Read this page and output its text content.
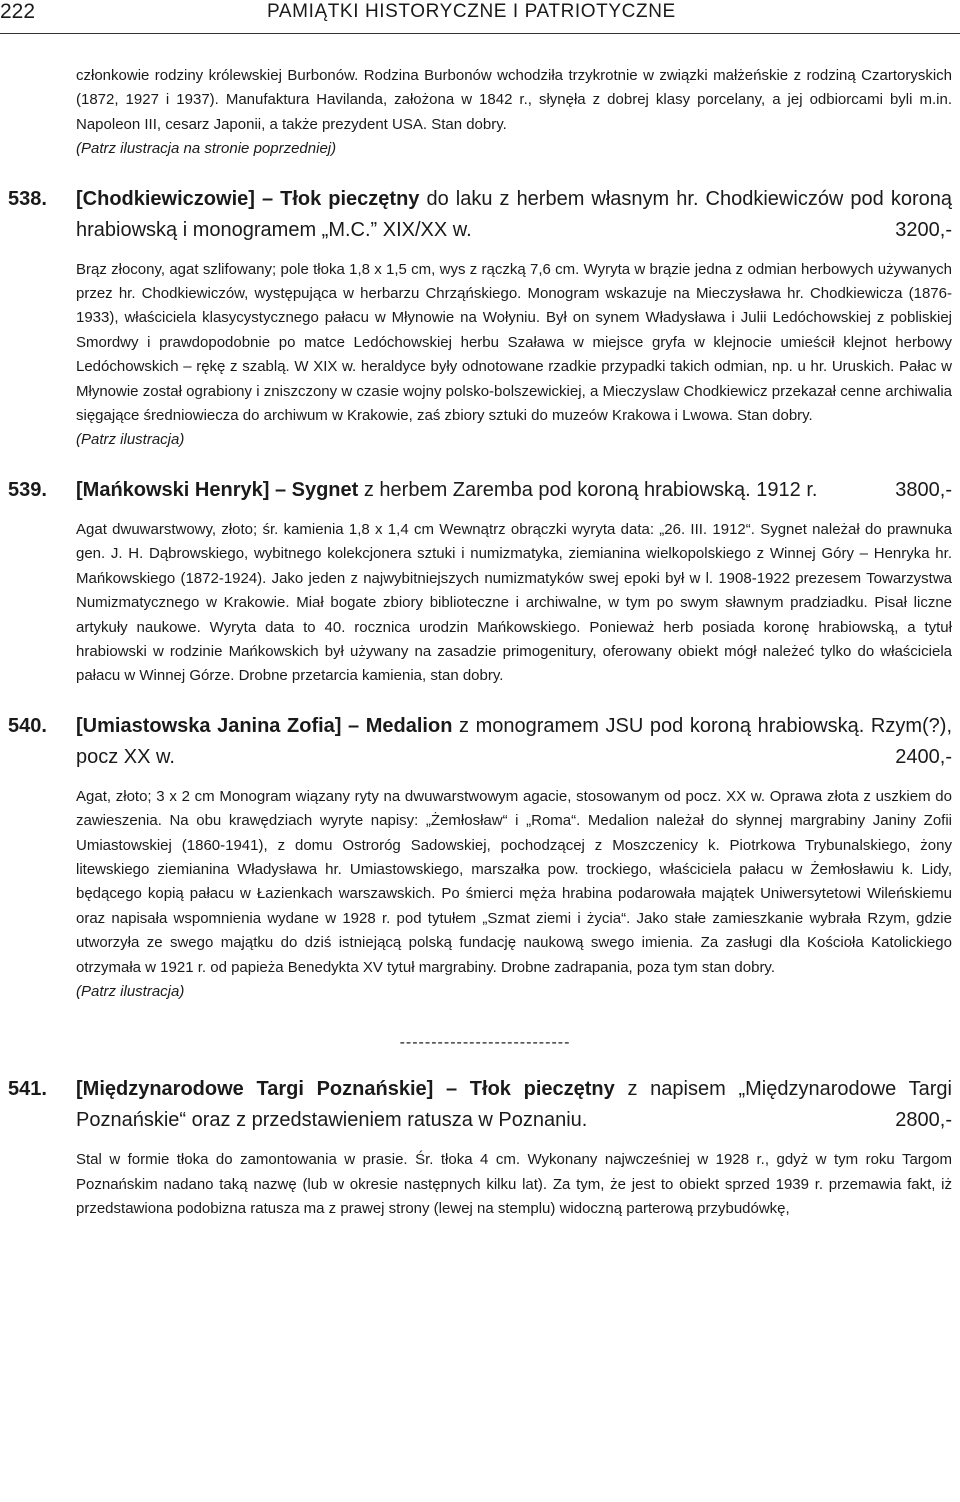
222	PAMIĄTKI HISTORYCZNE I PATRIOTYCZNE

członkowie rodziny królewskiej Burbonów. Rodzina Burbonów wchodziła trzykrotnie w związki małżeńskie z rodziną Czartoryskich (1872, 1927 i 1937). Manufaktura Havilanda, założona w 1842 r., słynęła z dobrej klasy porcelany, a jej odbiorcami byli m.in. Napoleon III, cesarz Japonii, a także prezydent USA. Stan dobry.
(Patrz ilustracja na stronie poprzedniej)

538. [Chodkiewiczowie] – Tłok pieczętny do laku z herbem własnym hr. Chodkiewiczów pod koroną hrabiowską i monogramem „M.C.” XIX/XX w.	3200,-

Brąz złocony, agat szlifowany; pole tłoka 1,8 x 1,5 cm, wys z rączką 7,6 cm. Wyryta w brązie jedna z odmian herbowych używanych przez hr. Chodkiewiczów, występująca w herbarzu Chrząńskiego. Monogram wskazuje na Mieczysława hr. Chodkiewicza (1876-1933), właściciela klasycystycznego pałacu w Młynowie na Wołyniu. Był on synem Władysława i Julii Ledóchowskiej z pobliskiej Smordwy i prawdopodobnie po matce Ledóchowskiej herbu Szaława w miejsce gryfa w klejnocie umieścił klejnot herbowy Ledóchowskich – rękę z szablą. W XIX w. heraldyce były odnotowane rzadkie przypadki takich odmian, np. u hr. Uruskich. Pałac w Młynowie został ograbiony i zniszczony w czasie wojny polsko-bolszewickiej, a Mieczyslaw Chodkiewicz przekazał cenne archiwalia sięgające średniowiecza do archiwum w Krakowie, zaś zbiory sztuki do muzeów Krakowa i Lwowa. Stan dobry.
(Patrz ilustracja)

539. [Mańkowski Henryk] – Sygnet z herbem Zaremba pod koroną hrabiowską. 1912 r.	3800,-

Agat dwuwarstwowy, złoto; śr. kamienia 1,8 x 1,4 cm Wewnątrz obrączki wyryta data: „26. III. 1912“. Sygnet należał do prawnuka gen. J. H. Dąbrowskiego, wybitnego kolekcjonera sztuki i numizmatyka, ziemianina wielkopolskiego z Winnej Góry – Henryka hr. Mańkowskiego (1872-1924). Jako jeden z najwybitniejszych numizmatyków swej epoki był w l. 1908-1922 prezesem Towarzystwa Numizmatycznego w Krakowie. Miał bogate zbiory biblioteczne i archiwalne, w tym po swym sławnym pradziadku. Pisał liczne artykuły naukowe. Wyryta data to 40. rocznica urodzin Mańkowskiego. Ponieważ herb posiada koronę hrabiowską, a tytuł hrabiowski w rodzinie Mańkowskich był używany na zasadzie primogenitury, oferowany obiekt mógł należeć tylko do właściciela pałacu w Winnej Górze. Drobne przetarcia kamienia, stan dobry.

540. [Umiastowska Janina Zofia] – Medalion z monogramem JSU pod koroną hrabiowską. Rzym(?), pocz XX w.	2400,-

Agat, złoto; 3 x 2 cm Monogram wiązany ryty na dwuwarstwowym agacie, stosowanym od pocz. XX w. Oprawa złota z uszkiem do zawieszenia. Na obu krawędziach wyryte napisy: „Żemłosław“ i „Roma“. Medalion należał do słynnej margrabiny Janiny Zofii Umiastowskiej (1860-1941), z domu Ostroróg Sadowskiej, pochodzącej z Moszczenicy k. Piotrkowa Trybunalskiego, żony litewskiego ziemianina Władysława hr. Umiastowskiego, marszałka pow. trockiego, właściciela pałacu w Żemłosławiu k. Lidy, będącego kopią pałacu w Łazienkach warszawskich. Po śmierci męża hrabina podarowała majątek Uniwersytetowi Wileńskiemu oraz napisała wspomnienia wydane w 1928 r. pod tytułem „Szmat ziemi i życia“. Jako stałe zamieszkanie wybrała Rzym, gdzie utworzyła ze swego majątku do dziś istniejącą polską fundację naukową swego imienia. Za zasługi dla Kościoła Katolickiego otrzymała w 1921 r. od papieża Benedykta XV tytuł margrabiny. Drobne zadrapania, poza tym stan dobry.
(Patrz ilustracja)

---------------------------
541. [Międzynarodowe Targi Poznańskie] – Tłok pieczętny z napisem „Międzynarodowe Targi Poznańskie“ oraz z przedstawieniem ratusza w Poznaniu.	2800,-

Stal w formie tłoka do zamontowania w prasie. Śr. tłoka 4 cm. Wykonany najwcześniej w 1928 r., gdyż w tym roku Targom Poznańskim nadano taką nazwę (lub w okresie następnych kilku lat). Za tym, że jest to obiekt sprzed 1939 r. przemawia fakt, iż przedstawiona podobizna ratusza ma z prawej strony (lewej na stemplu) widoczną parterową przybudówkę,
